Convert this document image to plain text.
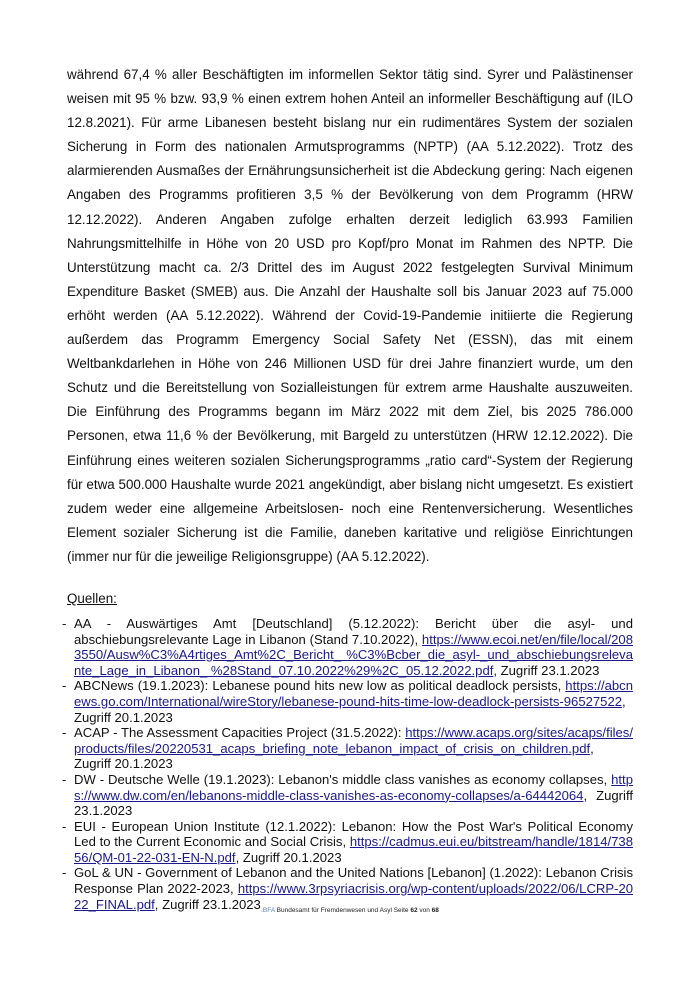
während 67,4 % aller Beschäftigten im informellen Sektor tätig sind. Syrer und Palästinenser weisen mit 95 % bzw. 93,9 % einen extrem hohen Anteil an informeller Beschäftigung auf (ILO 12.8.2021). Für arme Libanesen besteht bislang nur ein rudimentäres System der sozialen Sicherung in Form des nationalen Armutsprogramms (NPTP) (AA 5.12.2022). Trotz des alarmierenden Ausmaßes der Ernährungsunsicherheit ist die Abdeckung gering: Nach eigenen Angaben des Programms profitieren 3,5 % der Bevölkerung von dem Programm (HRW 12.12.2022). Anderen Angaben zufolge erhalten derzeit lediglich 63.993 Familien Nahrungsmittelhilfe in Höhe von 20 USD pro Kopf/pro Monat im Rahmen des NPTP. Die Unterstützung macht ca. 2/3 Drittel des im August 2022 festgelegten Survival Minimum Expenditure Basket (SMEB) aus. Die Anzahl der Haushalte soll bis Januar 2023 auf 75.000 erhöht werden (AA 5.12.2022). Während der Covid-19-Pandemie initiierte die Regierung außerdem das Programm Emergency Social Safety Net (ESSN), das mit einem Weltbankdarlehen in Höhe von 246 Millionen USD für drei Jahre finanziert wurde, um den Schutz und die Bereitstellung von Sozialleistungen für extrem arme Haushalte auszuweiten. Die Einführung des Programms begann im März 2022 mit dem Ziel, bis 2025 786.000 Personen, etwa 11,6 % der Bevölkerung, mit Bargeld zu unterstützen (HRW 12.12.2022). Die Einführung eines weiteren sozialen Sicherungsprogramms „ratio card“-System der Regierung für etwa 500.000 Haushalte wurde 2021 angekündigt, aber bislang nicht umgesetzt. Es existiert zudem weder eine allgemeine Arbeitslosen- noch eine Rentenversicherung. Wesentliches Element sozialer Sicherung ist die Familie, daneben karitative und religiöse Einrichtungen (immer nur für die jeweilige Religionsgruppe) (AA 5.12.2022).

Quellen:
- AA - Auswärtiges Amt [Deutschland] (5.12.2022): Bericht über die asyl- und abschiebungsrelevante Lage in Libanon (Stand 7.10.2022), https://www.ecoi.net/en/file/local/2083550/Ausw%C3%A4rtiges_Amt%2C_Bericht_ %C3%Bcber_die_asyl-_und_abschiebungsrelevante_Lage_in_Libanon_ %28Stand_07.10.2022%29%2C_05.12.2022.pdf, Zugriff 23.1.2023
- ABCNews (19.1.2023): Lebanese pound hits new low as political deadlock persists, https://abcnews.go.com/International/wireStory/lebanese-pound-hits-time-low-deadlock-persists-96527522, Zugriff 20.1.2023
- ACAP - The Assessment Capacities Project (31.5.2022): https://www.acaps.org/sites/acaps/files/products/files/20220531_acaps_briefing_note_lebanon_impact_of_crisis_on_children.pdf, Zugriff 20.1.2023
- DW - Deutsche Welle (19.1.2023): Lebanon's middle class vanishes as economy collapses, https://www.dw.com/en/lebanons-middle-class-vanishes-as-economy-collapses/a-64442064, Zugriff 23.1.2023
- EUI - European Union Institute (12.1.2022): Lebanon: How the Post War's Political Economy Led to the Current Economic and Social Crisis, https://cadmus.eui.eu/bitstream/handle/1814/73856/QM-01-22-031-EN-N.pdf, Zugriff 20.1.2023
- GoL & UN - Government of Lebanon and the United Nations [Lebanon] (1.2022): Lebanon Crisis Response Plan 2022-2023, https://www.3rpsyriacrisis.org/wp-content/uploads/2022/06/LCRP-2022_FINAL.pdf, Zugriff 23.1.2023 .BFA Bundesamt für Fremdenwesen und Asyl Seite 62 von 68
